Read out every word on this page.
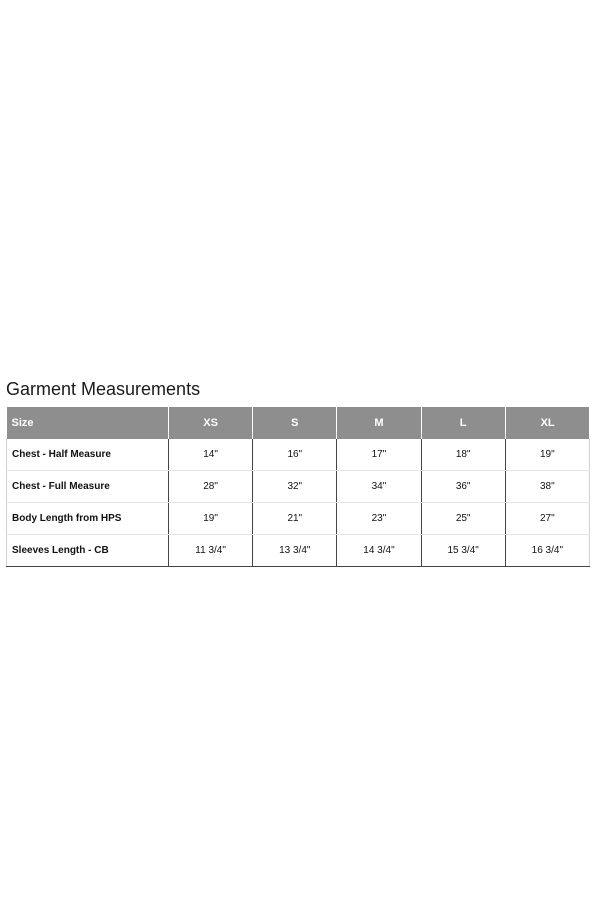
Garment Measurements
Size	XS	S	M	L	XL
Chest - Half Measure	14"	16"	17"	18"	19"
Chest - Full Measure	28"	32"	34"	36"	38"
Body Length from HPS	19"	21"	23"	25"	27"
Sleeves Length - CB	11 3/4"	13 3/4"	14 3/4"	15 3/4"	16 3/4"
